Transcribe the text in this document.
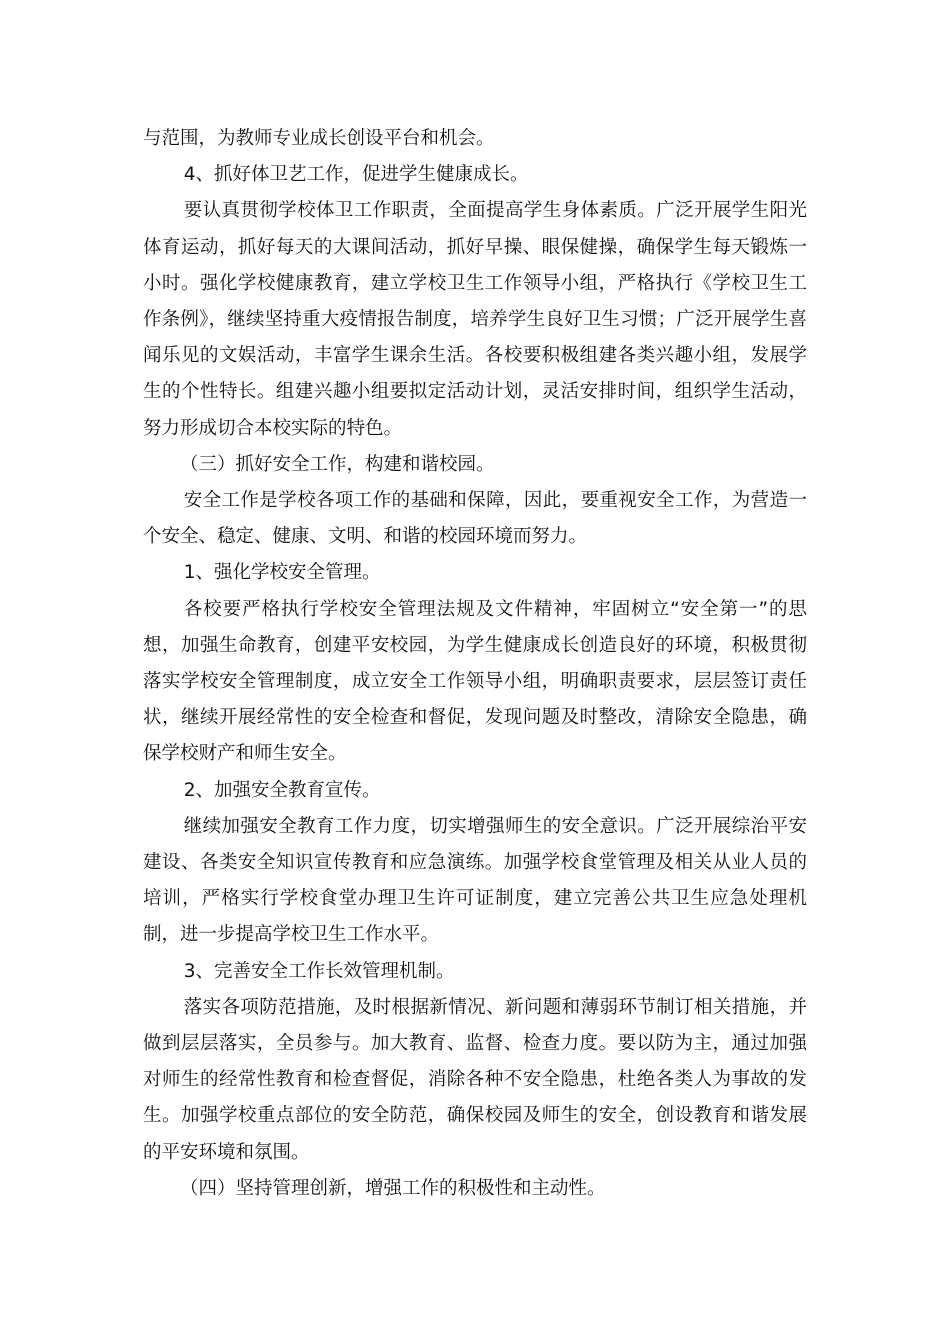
与范围，为教师专业成长创设平台和机会。

4、抓好体卫艺工作，促进学生健康成长。

要认真贯彻学校体卫工作职责，全面提高学生身体素质。广泛开展学生阳光体育运动，抓好每天的大课间活动，抓好早操、眼保健操，确保学生每天锻炼一小时。强化学校健康教育，建立学校卫生工作领导小组，严格执行《学校卫生工作条例》，继续坚持重大疫情报告制度，培养学生良好卫生习惯；广泛开展学生喜闻乐见的文娱活动，丰富学生课余生活。各校要积极组建各类兴趣小组，发展学生的个性特长。组建兴趣小组要拟定活动计划，灵活安排时间，组织学生活动，努力形成切合本校实际的特色。

（三）抓好安全工作，构建和谐校园。

安全工作是学校各项工作的基础和保障，因此，要重视安全工作，为营造一个安全、稳定、健康、文明、和谐的校园环境而努力。

1、强化学校安全管理。

各校要严格执行学校安全管理法规及文件精神，牢固树立“安全第一”的思想，加强生命教育，创建平安校园，为学生健康成长创造良好的环境，积极贯彻落实学校安全管理制度，成立安全工作领导小组，明确职责要求，层层签订责任状，继续开展经常性的安全检查和督促，发现问题及时整改，清除安全隐患，确保学校财产和师生安全。

2、加强安全教育宣传。

继续加强安全教育工作力度，切实增强师生的安全意识。广泛开展综治平安建设、各类安全知识宣传教育和应急演练。加强学校食堂管理及相关从业人员的培训，严格实行学校食堂办理卫生许可证制度，建立完善公共卫生应急处理机制，进一步提高学校卫生工作水平。

3、完善安全工作长效管理机制。

落实各项防范措施，及时根据新情况、新问题和薄弱环节制订相关措施，并做到层层落实，全员参与。加大教育、监督、检查力度。要以防为主，通过加强对师生的经常性教育和检查督促，消除各种不安全隐患，杜绝各类人为事故的发生。加强学校重点部位的安全防范，确保校园及师生的安全，创设教育和谐发展的平安环境和氛围。

（四）坚持管理创新，增强工作的积极性和主动性。
